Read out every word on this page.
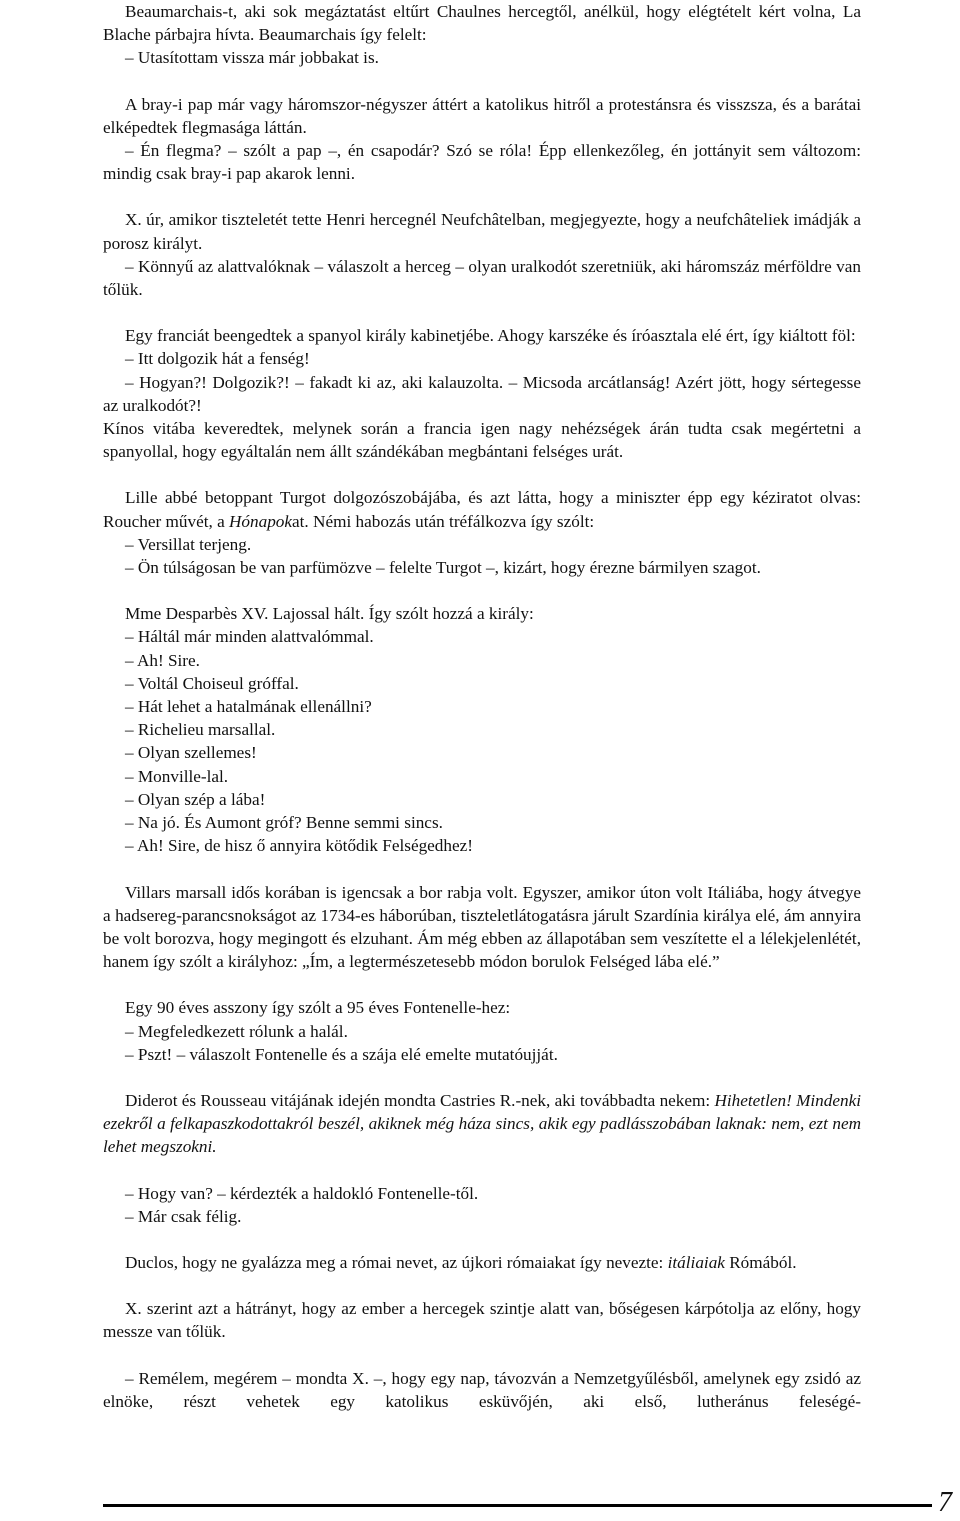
Beaumarchais-t, aki sok megáztatást eltűrt Chaulnes hercegtől, anélkül, hogy elégtételt kért volna, La Blache párbajra hívta. Beaumarchais így felelt:

– Utasítottam vissza már jobbakat is.

A bray-i pap már vagy háromszor-négyszer áttért a katolikus hitről a protestánsra és visszsza, és a barátai elképedtek flegmasága láttán.

– Én flegma? – szólt a pap –, én csapodár? Szó se róla! Épp ellenkezőleg, én jottányit sem változom: mindig csak bray-i pap akarok lenni.

X. úr, amikor tiszteletét tette Henri hercegnél Neufchâtelban, megjegyezte, hogy a neufchâteliek imádják a porosz királyt.

– Könnyű az alattvalóknak – válaszolt a herceg – olyan uralkodót szeretniük, aki háromszáz mérföldre van tőlük.

Egy franciát beengedtek a spanyol király kabinetjébe. Ahogy karszéke és íróasztala elé ért, így kiáltott föl:

– Itt dolgozik hát a fenség!

– Hogyan?! Dolgozik?! – fakadt ki az, aki kalauzolta. – Micsoda arcátlanság! Azért jött, hogy sértegesse az uralkodót?!

Kínos vitába keveredtek, melynek során a francia igen nagy nehézségek árán tudta csak megértetni a spanyollal, hogy egyáltalán nem állt szándékában megbántani felséges urát.

Lille abbé betoppant Turgot dolgozószobájába, és azt látta, hogy a miniszter épp egy kéziratot olvas: Roucher művét, a Hónapokat. Némi habozás után tréfálkozva így szólt:

– Versillat terjeng.

– Ön túlságosan be van parfümözve – felelte Turgot –, kizárt, hogy érezne bármilyen szagot.

Mme Desparbès XV. Lajossal hált. Így szólt hozzá a király:

– Háltál már minden alattvalómmal.

– Ah! Sire.

– Voltál Choiseul gróffal.

– Hát lehet a hatalmának ellenállni?

– Richelieu marsallal.

– Olyan szellemes!

– Monville-lal.

– Olyan szép a lába!

– Na jó. És Aumont gróf? Benne semmi sincs.

– Ah! Sire, de hisz ő annyira kötődik Felségedhez!

Villars marsall idős korában is igencsak a bor rabja volt. Egyszer, amikor úton volt Itáliába, hogy átvegye a hadsereg-parancsnokságot az 1734-es háborúban, tiszteletlátogatásra járult Szardínia királya elé, ám annyira be volt borozva, hogy megingott és elzuhant. Ám még ebben az állapotában sem veszítette el a lélekjelenlétét, hanem így szólt a királyhoz: „Ím, a legtermészetesebb módon borulok Felséged lába elé.”

Egy 90 éves asszony így szólt a 95 éves Fontenelle-hez:

– Megfeledkezett rólunk a halál.

– Pszt! – válaszolt Fontenelle és a szája elé emelte mutatóujját.

Diderot és Rousseau vitájának idején mondta Castries R.-nek, aki továbbadta nekem: Hihetetlen! Mindenki ezekről a felkapaszkodottakról beszél, akiknek még háza sincs, akik egy padlásszobában laknak: nem, ezt nem lehet megszokni.

– Hogy van? – kérdezték a haldokló Fontenelle-től.

– Már csak félig.

Duclos, hogy ne gyalázza meg a római nevet, az újkori rómaiakat így nevezte: itáliaiak Rómából.

X. szerint azt a hátrányt, hogy az ember a hercegek szintje alatt van, bőségesen kárpótolja az előny, hogy messze van tőlük.

– Remélem, megérem – mondta X. –, hogy egy nap, távozván a Nemzetgyűlésből, amelynek egy zsidó az elnöke, részt vehetek egy katolikus esküvőjén, aki első, lutheránus feleségé-

7
